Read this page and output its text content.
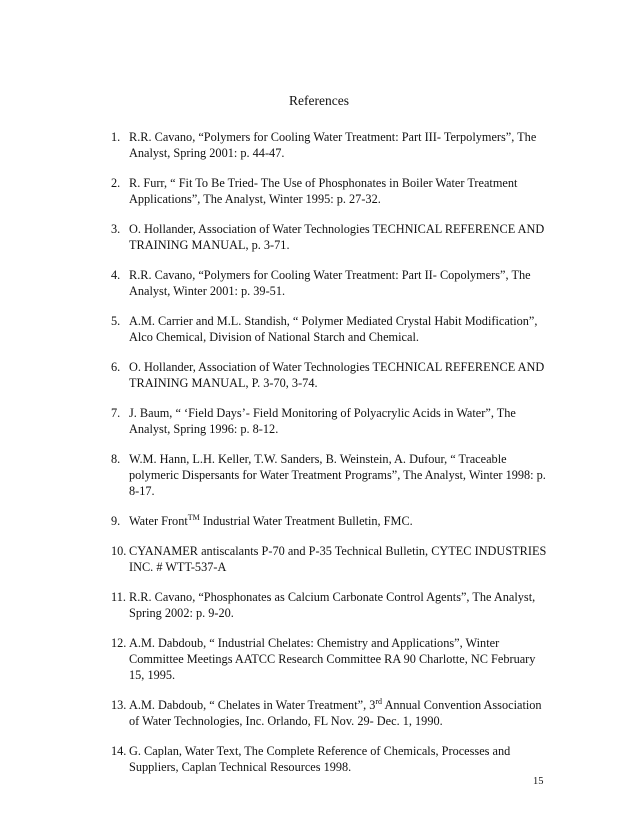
References
1. R.R. Cavano, “Polymers for Cooling Water Treatment: Part III- Terpolymers”, The Analyst, Spring 2001: p. 44-47.
2. R. Furr, “ Fit To Be Tried- The Use of Phosphonates in Boiler Water Treatment Applications”, The Analyst, Winter 1995: p. 27-32.
3. O. Hollander, Association of Water Technologies TECHNICAL REFERENCE AND TRAINING MANUAL, p. 3-71.
4. R.R. Cavano, “Polymers for Cooling Water Treatment: Part II- Copolymers”, The Analyst, Winter 2001: p. 39-51.
5. A.M. Carrier and M.L. Standish, “ Polymer Mediated Crystal Habit Modification”, Alco Chemical, Division of National Starch and Chemical.
6. O. Hollander, Association of Water Technologies TECHNICAL REFERENCE AND TRAINING MANUAL, P. 3-70, 3-74.
7. J. Baum, “ ‘Field Days’- Field Monitoring of Polyacrylic Acids in Water”, The Analyst, Spring 1996: p. 8-12.
8. W.M. Hann, L.H. Keller, T.W. Sanders, B. Weinstein, A. Dufour, “ Traceable polymeric Dispersants for Water Treatment Programs”, The Analyst, Winter 1998: p. 8-17.
9. Water Front™ Industrial Water Treatment Bulletin, FMC.
10. CYANAMER antiscalants P-70 and P-35 Technical Bulletin, CYTEC INDUSTRIES INC. # WTT-537-A
11. R.R. Cavano, “Phosphonates as Calcium Carbonate Control Agents”, The Analyst, Spring 2002: p. 9-20.
12. A.M. Dabdoub, “ Industrial Chelates: Chemistry and Applications”, Winter Committee Meetings AATCC Research Committee RA 90 Charlotte, NC February 15, 1995.
13. A.M. Dabdoub, “ Chelates in Water Treatment”, 3rd Annual Convention Association of Water Technologies, Inc. Orlando, FL Nov. 29- Dec. 1, 1990.
14. G. Caplan, Water Text, The Complete Reference of Chemicals, Processes and Suppliers, Caplan Technical Resources 1998.
15
